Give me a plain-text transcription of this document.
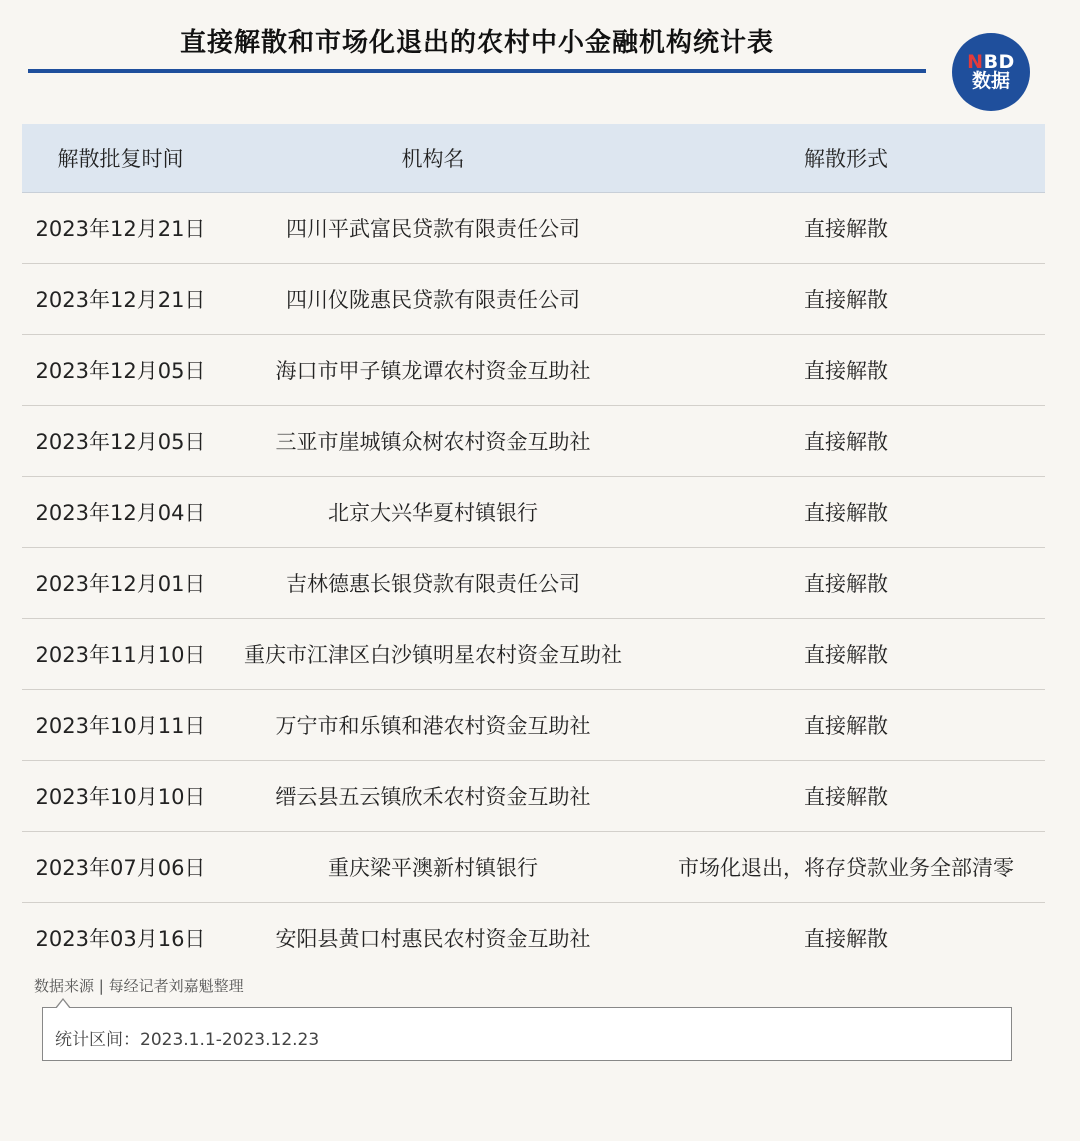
直接解散和市场化退出的农村中小金融机构统计表
NBD
数据
解散批复时间	机构名	解散形式
2023年12月21日	四川平武富民贷款有限责任公司	直接解散
2023年12月21日	四川仪陇惠民贷款有限责任公司	直接解散
2023年12月05日	海口市甲子镇龙谭农村资金互助社	直接解散
2023年12月05日	三亚市崖城镇众树农村资金互助社	直接解散
2023年12月04日	北京大兴华夏村镇银行	直接解散
2023年12月01日	吉林德惠长银贷款有限责任公司	直接解散
2023年11月10日	重庆市江津区白沙镇明星农村资金互助社	直接解散
2023年10月11日	万宁市和乐镇和港农村资金互助社	直接解散
2023年10月10日	缙云县五云镇欣禾农村资金互助社	直接解散
2023年07月06日	重庆梁平澳新村镇银行	市场化退出，将存贷款业务全部清零
2023年03月16日	安阳县黄口村惠民农村资金互助社	直接解散
数据来源 | 每经记者刘嘉魁整理
统计区间：2023.1.1-2023.12.23
